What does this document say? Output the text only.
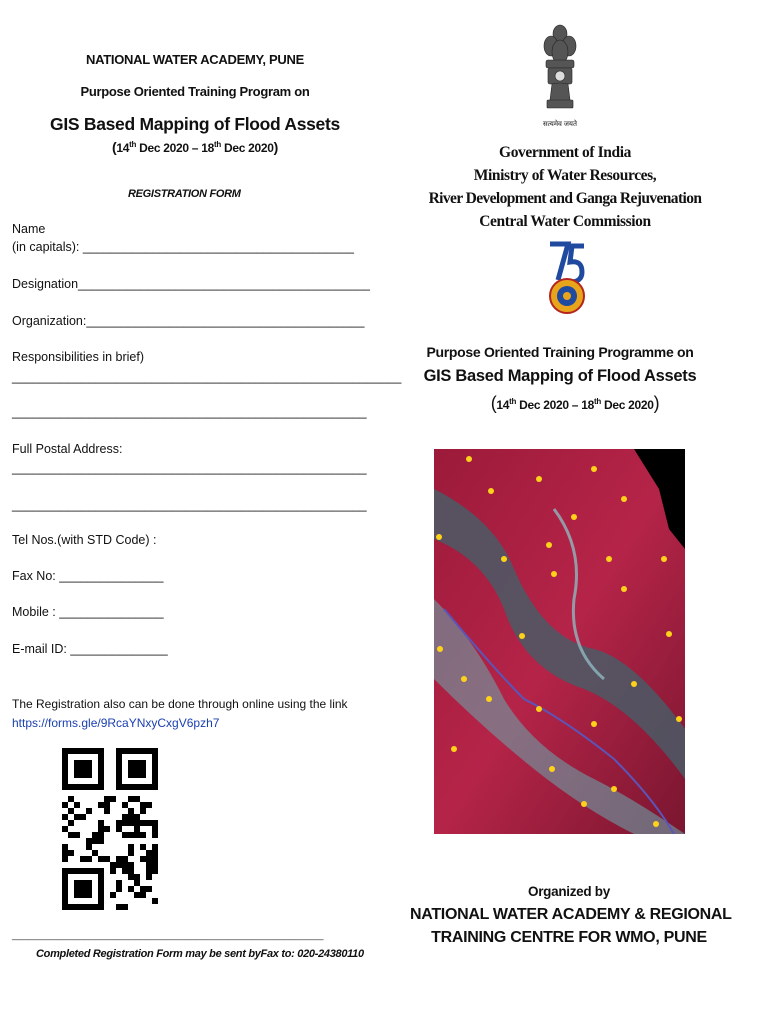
NATIONAL WATER ACADEMY, PUNE
Purpose Oriented Training Program on
GIS Based Mapping of Flood Assets
(14th Dec 2020 – 18th Dec 2020)
REGISTRATION FORM
Name
(in capitals): _______________________________________
Designation__________________________________________
Organization:________________________________________
Responsibilities in brief)
________________________________________________________
___________________________________________________
Full Postal Address:
___________________________________________________
___________________________________________________
Tel Nos.(with STD Code) :
Fax No: _______________
Mobile : _______________
E-mail ID: ______________
The Registration also can be done through online using the link
https://forms.gle/9RcaYNxyCxgV6pzh7
________________________________________________________
Completed Registration Form may be sent byFax to: 020-24380110
सत्यमेव जयते
Government of India
Ministry of Water Resources,
River Development and Ganga Rejuvenation
Central Water Commission
Purpose Oriented Training Programme on
GIS Based Mapping of Flood Assets
(14th Dec 2020 – 18th Dec 2020)
Organized by
NATIONAL WATER ACADEMY & REGIONAL
TRAINING CENTRE FOR WMO, PUNE
